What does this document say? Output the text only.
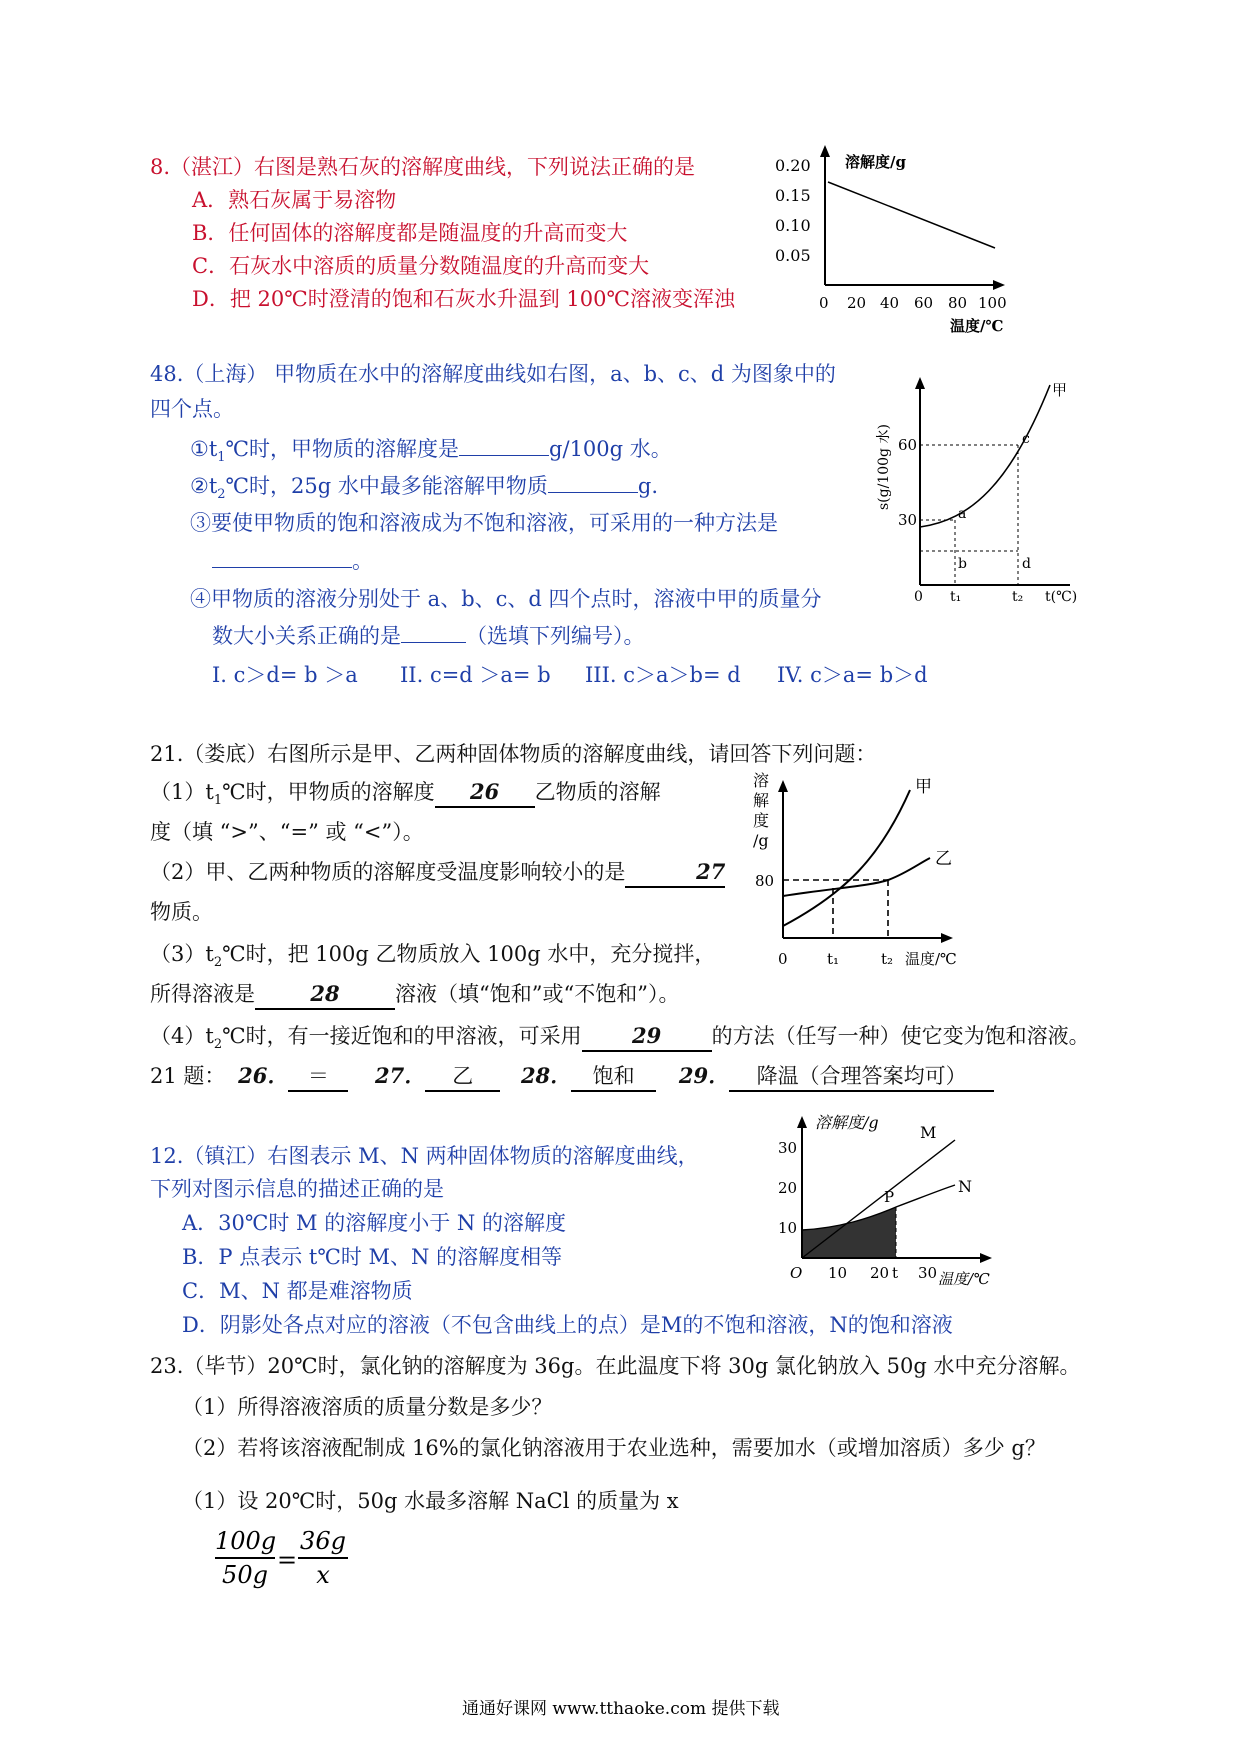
8.（湛江）右图是熟石灰的溶解度曲线，下列说法正确的是
A．熟石灰属于易溶物
B．任何固体的溶解度都是随温度的升高而变大
C．石灰水中溶质的质量分数随温度的升高而变大
D．把 20℃时澄清的饱和石灰水升温到 100℃溶液变浑浊
溶解度/g
0.20
0.15
0.10
0.05
0 20 40 60 80 100
温度/℃
48.（上海） 甲物质在水中的溶解度曲线如右图，a、b、c、d 为图象中的
四个点。
$①t_1℃$时，甲物质的溶解度是	g/100g 水。
$②t_2℃$时，25g 水中最多能溶解甲物质	g.
③要使甲物质的饱和溶液成为不饱和溶液，可采用的一种方法是
。
④甲物质的溶液分别处于 a、b、c、d 四个点时，溶液中甲的质量分
数大小关系正确的是	（选填下列编号）。
I. c＞d= b ＞a II. c=d ＞a= b III. c＞a＞b= d IV. c＞a= b＞d
s(g/100g 水)
甲
60
30	a
b
c
d
0 t₁	t₂ t(℃)
21.（娄底）右图所示是甲、乙两种固体物质的溶解度曲线，请回答下列问题：
$(1)t_1℃$时，甲物质的溶解度 26 乙物质的溶解
度（填 “>”、“=” 或 “<”）。
（2）甲、乙两种物质的溶解度受温度影响较小的是	27
物质。
$(3)t_2℃$时，把 100g 乙物质放入 100g 水中，充分搅拌，
所得溶液是	28	溶液（填“饱和”或“不饱和”）。
$(4)t_2℃$时，有一接近饱和的甲溶液，可采用 29 的方法（任写一种）使它变为饱和溶液。
21 题： 26． ＝ 27． 乙 28． 饱和 29． 降温（合理答案均可）
溶
解
度
/g
甲
乙
80
0	t₁	t₂ 温度/℃
12.（镇江）右图表示 M、N 两种固体物质的溶解度曲线，
下列对图示信息的描述正确的是
A．30℃时 M 的溶解度小于 N 的溶解度
B．P 点表示 t℃时 M、N 的溶解度相等
C．M、N 都是难溶物质
D．阴影处各点对应的溶液（不包含曲线上的点）是M的不饱和溶液，N的饱和溶液
溶解度/g
30
20
10
O 10 20 t 30 温度/℃
M
N
P
23.（毕节）20℃时，氯化钠的溶解度为 36g。在此温度下将 30g 氯化钠放入 50g 水中充分溶解。
（1）所得溶液溶质的质量分数是多少？
（2）若将该溶液配制成 16%的氯化钠溶液用于农业选种，需要加水（或增加溶质）多少 g？
（1）设 20℃时，50g 水最多溶解 NaCl 的质量为 x
100g
50g
=
36g
x
通通好课网 www.tthaoke.com 提供下载
